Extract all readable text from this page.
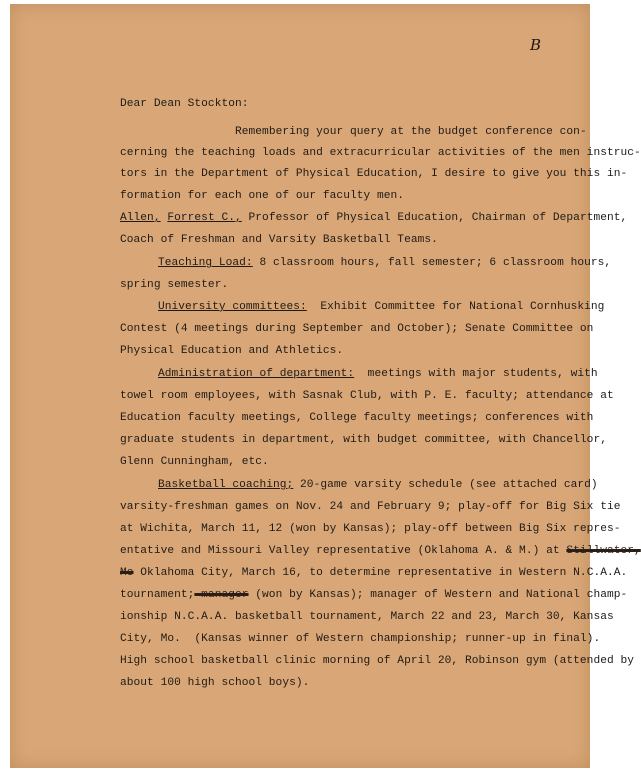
B
Dear Dean Stockton:
Remembering your query at the budget conference con-
cerning the teaching loads and extracurricular activities of the men instruc-
tors in the Department of Physical Education, I desire to give you this in-
formation for each one of our faculty men.
Allen, Forrest C., Professor of Physical Education, Chairman of Department,
Coach of Freshman and Varsity Basketball Teams.
Teaching Load: 8 classroom hours, fall semester; 6 classroom hours,
spring semester.
University committees:  Exhibit Committee for National Cornhusking
Contest (4 meetings during September and October); Senate Committee on
Physical Education and Athletics.
Administration of department:  meetings with major students, with
towel room employees, with Sasnak Club, with P. E. faculty; attendance at
Education faculty meetings, College faculty meetings; conferences with
graduate students in department, with budget committee, with Chancellor,
Glenn Cunningham, etc.
Basketball coaching; 20-game varsity schedule (see attached card)
varsity-freshman games on Nov. 24 and February 9; play-off for Big Six tie
at Wichita, March 11, 12 (won by Kansas); play-off between Big Six repres-
entative and Missouri Valley representative (Oklahoma A. & M.) at Stillwater,
Mo Oklahoma City, March 16, to determine representative in Western N.C.A.A.
tournament; manager (won by Kansas); manager of Western and National champ-
ionship N.C.A.A. basketball tournament, March 22 and 23, March 30, Kansas
City, Mo.  (Kansas winner of Western championship; runner-up in final).
High school basketball clinic morning of April 20, Robinson gym (attended by
about 100 high school boys).
